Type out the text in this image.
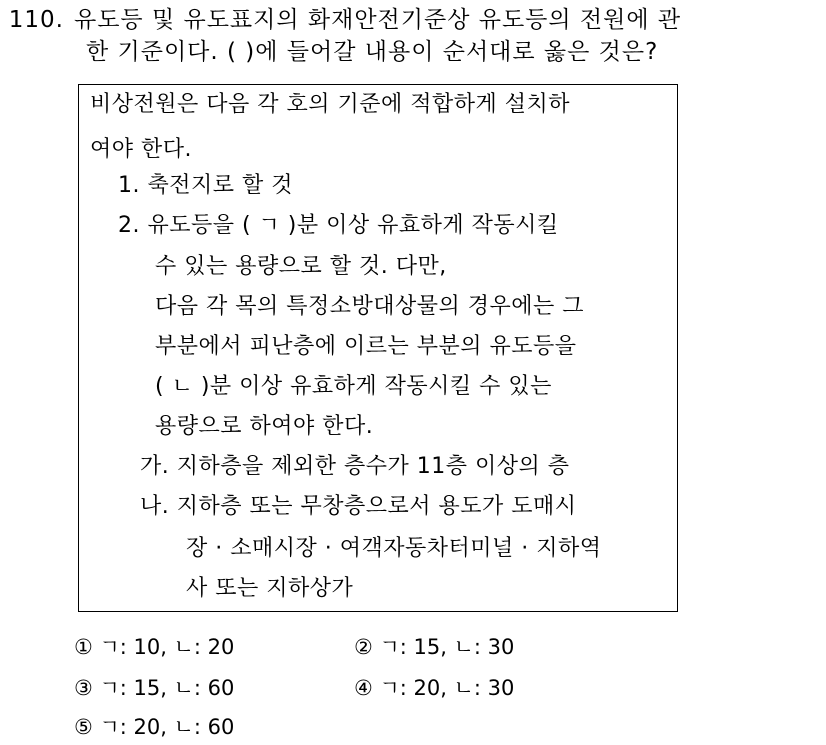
110. 유도등 및 유도표지의 화재안전기준상 유도등의 전원에 관
한 기준이다. ( )에 들어갈 내용이 순서대로 옳은 것은?
비상전원은 다음 각 호의 기준에 적합하게 설치하
여야 한다.
1. 축전지로 할 것
2. 유도등을 ( ㄱ )분 이상 유효하게 작동시킬
수 있는 용량으로 할 것. 다만,
다음 각 목의 특정소방대상물의 경우에는 그
부분에서 피난층에 이르는 부분의 유도등을
( ㄴ )분 이상 유효하게 작동시킬 수 있는
용량으로 하여야 한다.
가. 지하층을 제외한 층수가 11층 이상의 층
나. 지하층 또는 무창층으로서 용도가 도매시
장 · 소매시장 · 여객자동차터미널 · 지하역
사 또는 지하상가
① ㄱ: 10, ㄴ: 20	② ㄱ: 15, ㄴ: 30
③ ㄱ: 15, ㄴ: 60	④ ㄱ: 20, ㄴ: 30
⑤ ㄱ: 20, ㄴ: 60
